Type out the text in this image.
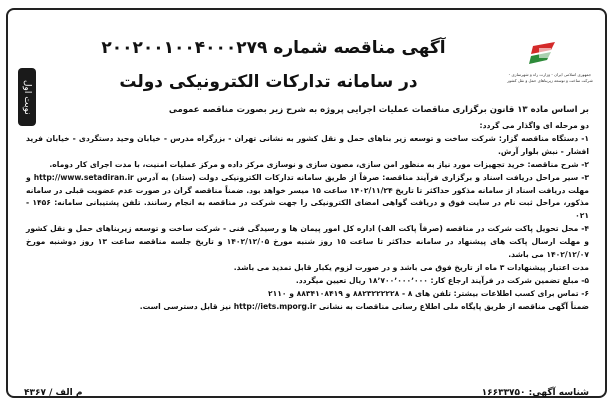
نوبت اول
آگهی مناقصه شماره ۲۰۰۲۰۰۱۰۰۴۰۰۰۲۷۹
در سامانه تدارکات الکترونیکی دولت	جمهوری اسلامی ایران - وزارت راه و شهرسازی - شرکت ساخت و توسعه زیربناهای حمل و نقل کشور
بر اساس ماده ۱۳ قانون برگزاری مناقصات عملیات اجرایی پروژه به شرح زیر بصورت مناقصه عمومی

دو مرحله ای واگذار می گردد:

۱- دستگاه مناقصه گزار: شرکت ساخت و توسعه زیر بناهای حمل و نقل کشور به نشانی تهران - بزرگراه مدرس - خیابان وحید دستگردی - خیابان فرید افشار - نبش بلوار آرش.

۲- شرح مناقصه: خرید تجهیزات مورد نیاز به منظور امن سازی، مصون سازی و نوسازی مرکز داده و مرکز عملیات امنیت، با مدت اجرای کار دوماه.

۳- سیر مراحل دریافت اسناد و برگزاری فرآیند مناقصه: صرفاً از طریق سامانه تدارکات الکترونیکی دولت (ستاد) به آدرس http://www.setadiran.ir و مهلت دریافت اسناد از سامانه مذکور حداکثر تا تاریخ ۱۴۰۲/۱۱/۲۴ ساعت ۱۵ میسر خواهد بود. ضمناً مناقصه گران در صورت عدم عضویت قبلی در سامانه مذکور، مراحل ثبت نام در سایت فوق و دریافت گواهی امضای الکترونیکی را جهت شرکت در مناقصه به انجام رسانند. تلفن پشتیبانی سامانه: ۱۴۵۶ - ۰۲۱

۴- محل تحویل پاکت شرکت در مناقصه (صرفاً پاکت الف) اداره کل امور پیمان ها و رسیدگی فنی - شرکت ساخت و توسعه زیربناهای حمل و نقل کشور و مهلت ارسال پاکت های پیشنهاد در سامانه حداکثر تا ساعت ۱۵ روز شنبه مورخ ۱۴۰۲/۱۲/۰۵ و تاریخ جلسه مناقصه ساعت ۱۳ روز دوشنبه مورخ ۱۴۰۲/۱۲/۰۷ می باشد.

مدت اعتبار پیشنهادات ۳ ماه از تاریخ فوق می باشد و در صورت لزوم یکبار قابل تمدید می باشد.

۵- مبلغ تضمین شرکت در فرآیند ارجاع کار: ۱۸٬۷۰۰٬۰۰۰٬۰۰۰ ریال تعیین میگردد.

۶- تماس برای کسب اطلاعات بیشتر: تلفن های ۸ - ۸۸۲۳۲۲۲۲۲۸ و ۸۸۳۴۱۰۸۴۱۹ و ۲۱۱۰

ضمناً آگهی مناقصه از طریق پایگاه ملی اطلاع رسانی مناقصات به نشانی http://iets.mporg.ir نیز قابل دسترسی است.

شناسه آگهی: ۱۶۶۳۳۷۵۰
م الف / ۴۳۶۷
